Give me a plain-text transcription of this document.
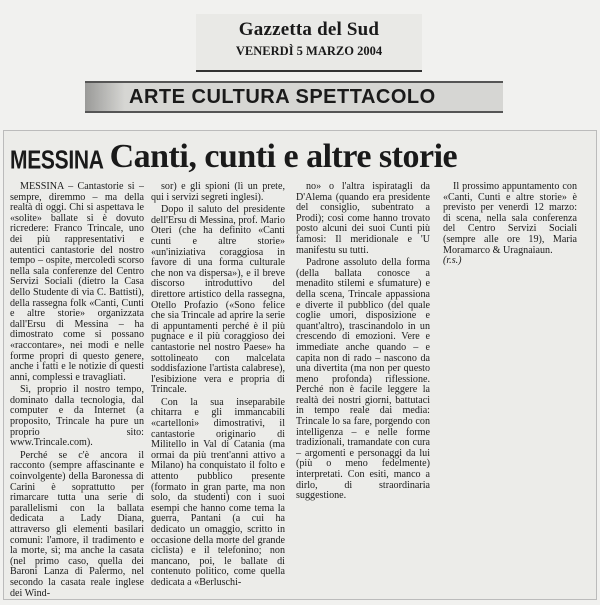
Gazzetta del Sud
VENERDÌ 5 MARZO 2004
ARTE CULTURA SPETTACOLO
MESSINA Canti, cunti e altre storie

MESSINA – Cantastorie si – sempre, diremmo – ma della realtà di oggi. Chi si aspettava le «solite» ballate si è dovuto ricredere: Franco Trincale, uno dei più rappresentativi e autentici cantastorie del nostro tempo – ospite, mercoledì scorso nella sala conferenze del Centro Servizi Sociali (dietro la Casa dello Studente di via C. Battisti), della rassegna folk «Canti, Cunti e altre storie» organizzata dall'Ersu di Messina – ha dimostrato come si possano «raccontare», nei modi e nelle forme propri di questo genere, anche i fatti e le notizie di questi anni, complessi e travagliati.

Sì, proprio il nostro tempo, dominato dalla tecnologia, dal computer e da Internet (a proposito, Trincale ha pure un proprio sito: www.Trincale.com).

Perché se c'è ancora il racconto (sempre affascinante e coinvolgente) della Baronessa di Carini è soprattutto per rimarcare tutta una serie di parallelismi con la ballata dedicata a Lady Diana, attraverso gli elementi basilari comuni: l'amore, il tradimento e la morte, sì; ma anche la casata (nel primo caso, quella dei Baroni Lanza di Palermo, nel secondo la casata reale inglese dei Wind-

sor) e gli spioni (lì un prete, qui i servizi segreti inglesi).

Dopo il saluto del presidente dell'Ersu di Messina, prof. Mario Oteri (che ha definito «Canti cunti e altre storie» «un'iniziativa coraggiosa in favore di una forma culturale che non va dispersa»), e il breve discorso introduttivo del direttore artistico della rassegna, Otello Profazio («Sono felice che sia Trincale ad aprire la serie di appuntamenti perché è il più pugnace e il più coraggioso dei cantastorie nel nostro Paese» ha sottolineato con malcelata soddisfazione l'artista calabrese), l'esibizione vera e propria di Trincale.

Con la sua inseparabile chitarra e gli immancabili «cartelloni» dimostrativi, il cantastorie originario di Militello in Val di Catania (ma ormai da più trent'anni attivo a Milano) ha conquistato il folto e attento pubblico presente (formato in gran parte, ma non solo, da studenti) con i suoi esempi che hanno come tema la guerra, Pantani (a cui ha dedicato un omaggio, scritto in occasione della morte del grande ciclista) e il telefonino; non mancano, poi, le ballate di contenuto politico, come quella dedicata a «Berluschi-

no» o l'altra ispiratagli da D'Alema (quando era presidente del consiglio, subentrato a Prodi); così come hanno trovato posto alcuni dei suoi Cunti più famosi: Il meridionale e 'U manifestu su tutti.

Padrone assoluto della forma (della ballata conosce a menadito stilemi e sfumature) e della scena, Trincale appassiona e diverte il pubblico (del quale coglie umori, disposizione e quant'altro), trascinandolo in un crescendo di emozioni. Vere e immediate anche quando – e capita non di rado – nascono da una divertita (ma non per questo meno profonda) riflessione. Perché non è facile leggere la realtà dei nostri giorni, battutaci in tempo reale dai media: Trincale lo sa fare, porgendo con intelligenza – e nelle forme tradizionali, tramandate con cura – argomenti e personaggi da lui (più o meno fedelmente) interpretati. Con esiti, manco a dirlo, di straordinaria suggestione.

Il prossimo appuntamento con «Canti, Cunti e altre storie» è previsto per venerdì 12 marzo: di scena, nella sala conferenza del Centro Servizi Sociali (sempre alle ore 19), Maria Moramarco & Uragnaiaun.

(r.s.)
